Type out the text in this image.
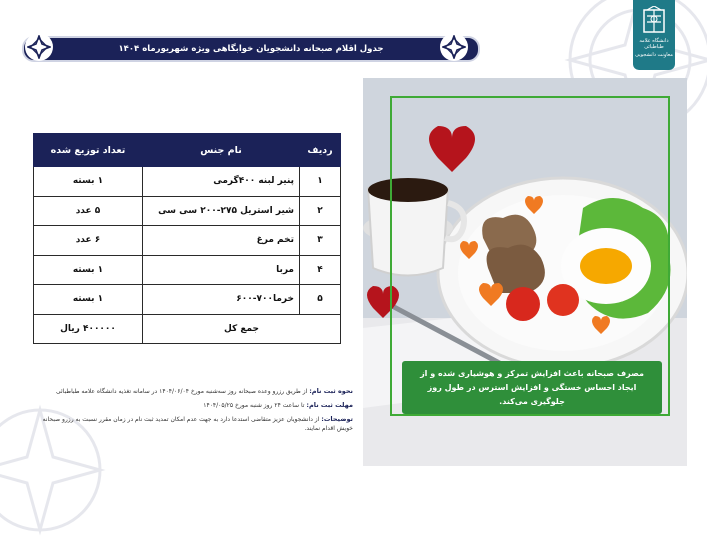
دانشگاه علامه طباطبائی
معاونت دانشجویی
جدول اقلام صبحانه دانشجویان خوابگاهی ویژه شهریورماه ۱۴۰۴
ردیف	نام جنس	تعداد توزیع شده
۱	پنیر لبنه ۴۰۰گرمی	۱ بسته
۲	شیر استریل ۲۷۵-۲۰۰ سی سی	۵ عدد
۳	تخم مرغ	۶ عدد
۴	مربا	۱ بسته
۵	خرما۷۰۰-۶۰۰	۱ بسته
جمع کل		۴۰۰۰۰۰ ریال
نحوه ثبت نام: از طریق رزرو وعده صبحانه روز سه‌شنبه مورخ ۱۴۰۴/۰۶/۰۴ در سامانه تغذیه دانشگاه علامه طباطبائی
مهلت ثبت نام: تا ساعت ۲۴ روز شنبه مورخ ۱۴۰۴/۰۵/۲۵
توضیحات: از دانشجویان عزیز متقاضی استدعا دارد به جهت عدم امکان تمدید ثبت نام در زمان مقرر نسبت به رزرو صبحانه خویش اقدام نمایند.
مصرف صبحانه باعث افزایش تمرکز و هوشیاری شده و از ایجاد احساس خستگی و افزایش استرس در طول روز جلوگیری می‌کند.
